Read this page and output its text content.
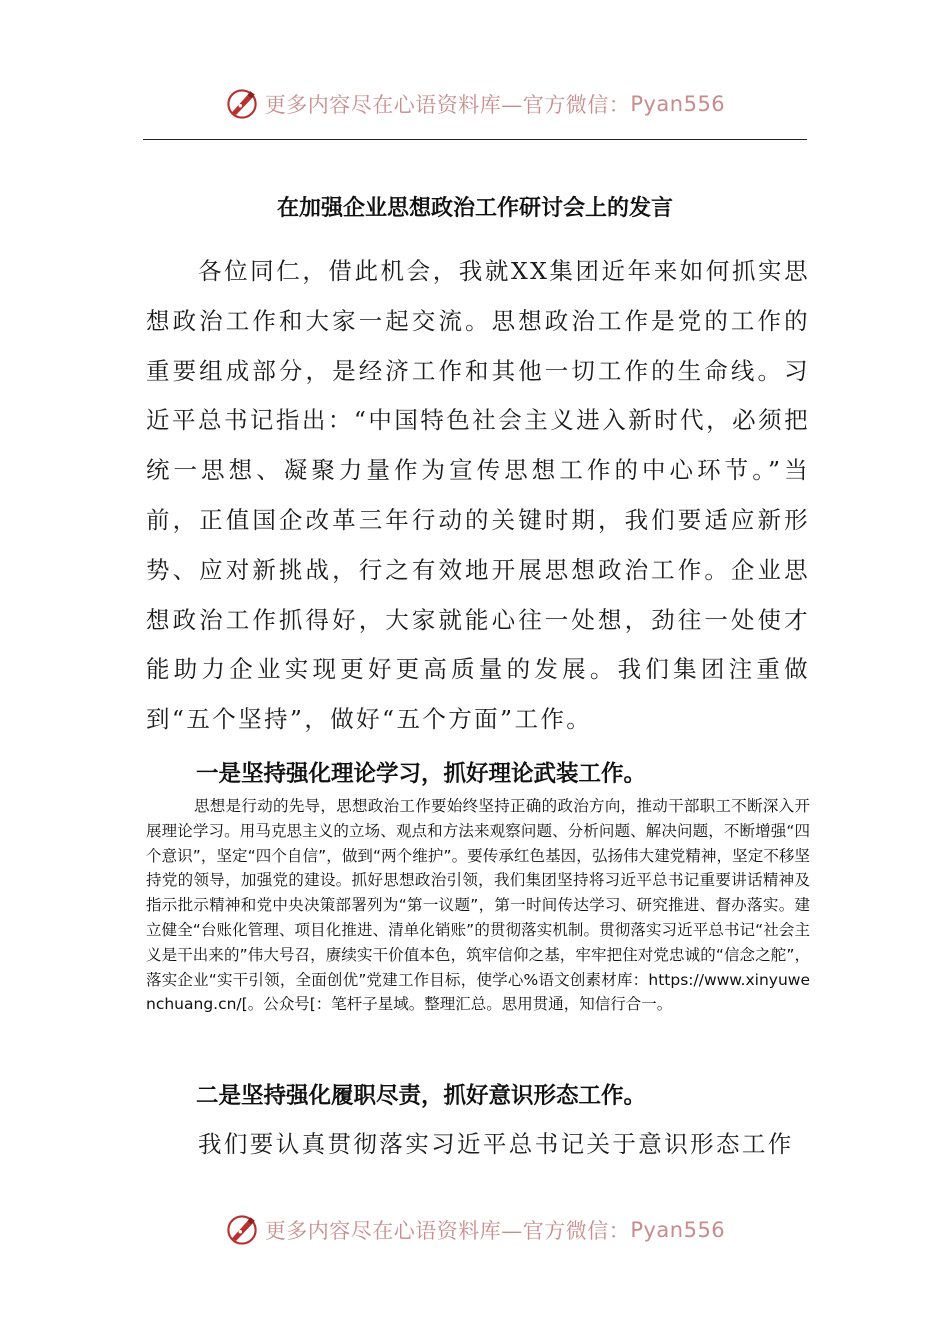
更多内容尽在心语资料库—官方微信： Pyan556
在加强企业思想政治工作研讨会上的发言

各位同仁，借此机会，我就XX集团近年来如何抓实思想政治工作和大家一起交流。思想政治工作是党的工作的重要组成部分，是经济工作和其他一切工作的生命线。习近平总书记指出：“中国特色社会主义进入新时代，必须把统一思想、凝聚力量作为宣传思想工作的中心环节。”当前，正值国企改革三年行动的关键时期，我们要适应新形势、应对新挑战，行之有效地开展思想政治工作。企业思想政治工作抓得好，大家就能心往一处想，劲往一处使才能助力企业实现更好更高质量的发展。我们集团注重做到“五个坚持”，做好“五个方面”工作。

一是坚持强化理论学习，抓好理论武装工作。

思想是行动的先导，思想政治工作要始终坚持正确的政治方向，推动干部职工不断深入开展理论学习。用马克思主义的立场、观点和方法来观察问题、分析问题、解决问题，不断增强“四个意识”，坚定“四个自信”，做到“两个维护”。要传承红色基因，弘扬伟大建党精神，坚定不移坚持党的领导，加强党的建设。抓好思想政治引领，我们集团坚持将习近平总书记重要讲话精神及指示批示精神和党中央决策部署列为“第一议题”，第一时间传达学习、研究推进、督办落实。建立健全“台账化管理、项目化推进、清单化销账”的贯彻落实机制。贯彻落实习近平总书记“社会主义是干出来的”伟大号召，赓续实干价值本色，筑牢信仰之基，牢牢把住对党忠诚的“信念之舵”，落实企业“实干引领，全面创优”党建工作目标，使学心%语文创素材库：https://www.xinyuwenchuang.cn/[。公众号[：笔杆子星域。整理汇总。思用贯通，知信行合一。

二是坚持强化履职尽责，抓好意识形态工作。

我们要认真贯彻落实习近平总书记关于意识形态工作

更多内容尽在心语资料库—官方微信： Pyan556
